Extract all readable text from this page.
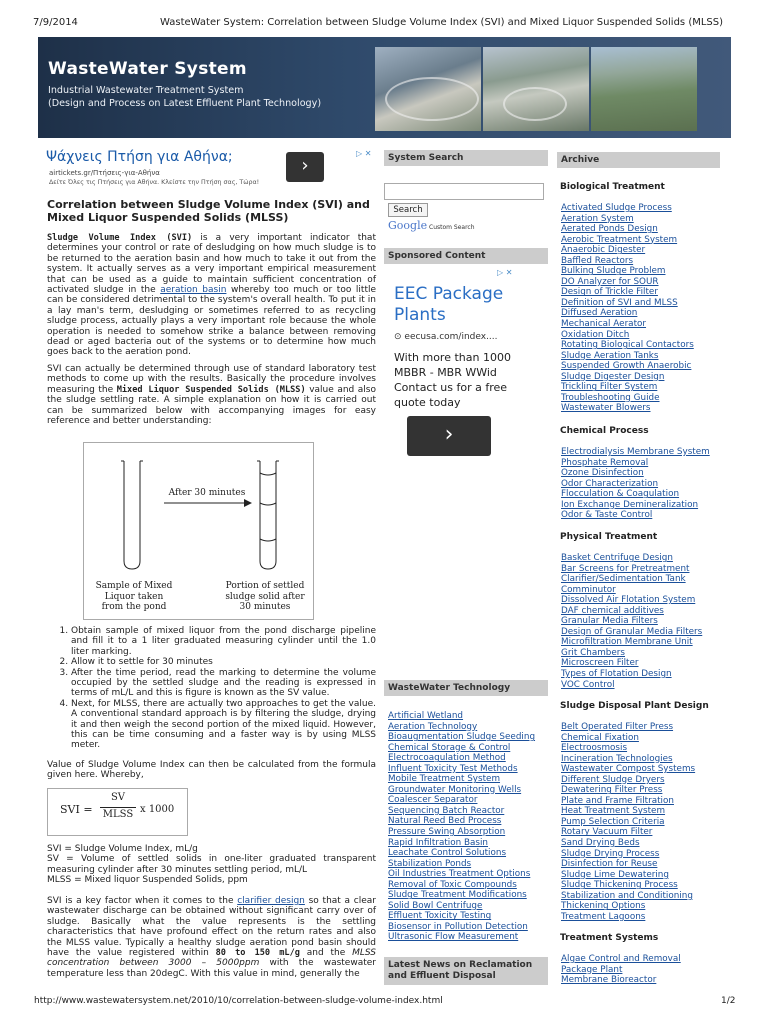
7/9/2014	WasteWater System: Correlation between Sludge Volume Index (SVI) and Mixed Liquor Suspended Solids (MLSS)
WasteWater System
Industrial Wastewater Treatment System
(Design and Process on Latest Effluent Plant Technology)
Ψάχνεις Πτήση για Αθήνα;
airtickets.gr/Πτήσεις-για-Αθήνα
Δείτε Όλες τις Πτήσεις για Αθήνα. Κλείστε την Πτήση σας, Τώρα!
›
▷ ✕
Correlation between Sludge Volume Index (SVI) and Mixed Liquor Suspended Solids (MLSS)

Sludge Volume Index (SVI) is a very important indicator that determines your control or rate of desludging on how much sludge is to be returned to the aeration basin and how much to take it out from the system. It actually serves as a very important empirical measurement that can be used as a guide to maintain sufficient concentration of activated sludge in the aeration basin whereby too much or too little can be considered detrimental to the system's overall health. To put it in a lay man's term, desludging or sometimes referred to as recycling sludge process, actually plays a very important role because the whole operation is needed to somehow strike a balance between removing dead or aged bacteria out of the systems or to determine how much goes back to the aeration pond.

SVI can actually be determined through use of standard laboratory test methods to come up with the results. Basically the procedure involves measuring the Mixed Liquor Suspended Solids (MLSS) value and also the sludge settling rate. A simple explanation on how it is carried out can be summarized below with accompanying images for easy reference and better understanding:

After 30 minutes
Sample of Mixed Liquor taken from the pond
Portion of settled sludge solid after 30 minutes
1. Obtain sample of mixed liquor from the pond discharge pipeline and fill it to a 1 liter graduated measuring cylinder until the 1.0 liter marking.
2. Allow it to settle for 30 minutes
3. After the time period, read the marking to determine the volume occupied by the settled sludge and the reading is expressed in terms of mL/L and this is figure is known as the SV value.
4. Next, for MLSS, there are actually two approaches to get the value. A conventional standard approach is by filtering the sludge, drying it and then weigh the second portion of the mixed liquid. However, this can be time consuming and a faster way is by using MLSS meter.

Value of Sludge Volume Index can then be calculated from the formula given here. Whereby,

SVI =
SV
MLSS x 1000
SVI = Sludge Volume Index, mL/g
SV = Volume of settled solids in one-liter graduated transparent measuring cylinder after 30 minutes settling period, mL/L
MLSS = Mixed liquor Suspended Solids, ppm

SVI is a key factor when it comes to the clarifier design so that a clear wastewater discharge can be obtained without significant carry over of sludge. Basically what the value represents is the settling characteristics that have profound effect on the return rates and also the MLSS value. Typically a healthy sludge aeration pond basin should have the value registered within 80 to 150 mL/g and the MLSS concentration between 3000 – 5000ppm with the wastewater temperature less than 20degC. With this value in mind, generally the

System Search
Search
Google Custom Search
Sponsored Content
▷ ✕
EEC Package Plants
⊙ eecusa.com/index....
With more than 1000 MBBR - MBR WWid Contact us for a free quote today
›
WasteWater Technology
Artificial Wetland
Aeration Technology
Bioaugmentation Sludge Seeding
Chemical Storage & Control
Electrocoagulation Method
Influent Toxicity Test Methods
Mobile Treatment System
Groundwater Monitoring Wells
Coalescer Separator
Sequencing Batch Reactor
Natural Reed Bed Process
Pressure Swing Absorption
Rapid Infiltration Basin
Leachate Control Solutions
Stabilization Ponds
Oil Industries Treatment Options
Removal of Toxic Compounds
Sludge Treatment Modifications
Solid Bowl Centrifuge
Effluent Toxicity Testing
Biosensor in Pollution Detection
Ultrasonic Flow Measurement
Latest News on Reclamation and Effluent Disposal
Archive
Biological Treatment
Activated Sludge Process
Aeration System
Aerated Ponds Design
Aerobic Treatment System
Anaerobic Digester
Baffled Reactors
Bulking Sludge Problem
DO Analyzer for SOUR
Design of Trickle Filter
Definition of SVI and MLSS
Diffused Aeration
Mechanical Aerator
Oxidation Ditch
Rotating Biological Contactors
Sludge Aeration Tanks
Suspended Growth Anaerobic
Sludge Digester Design
Trickling Filter System
Troubleshooting Guide
Wastewater Blowers
Chemical Process
Electrodialysis Membrane System
Phosphate Removal
Ozone Disinfection
Odor Characterization
Flocculation & Coagulation
Ion Exchange Demineralization
Odor & Taste Control
Physical Treatment
Basket Centrifuge Design
Bar Screens for Pretreatment
Clarifier/Sedimentation Tank
Comminutor
Dissolved Air Flotation System
DAF chemical additives
Granular Media Filters
Design of Granular Media Filters
Microfiltration Membrane Unit
Grit Chambers
Microscreen Filter
Types of Flotation Design
VOC Control
Sludge Disposal Plant Design
Belt Operated Filter Press
Chemical Fixation
Electroosmosis
Incineration Technologies
Wastewater Compost Systems
Different Sludge Dryers
Dewatering Filter Press
Plate and Frame Filtration
Heat Treatment System
Pump Selection Criteria
Rotary Vacuum Filter
Sand Drying Beds
Sludge Drying Process
Disinfection for Reuse
Sludge Lime Dewatering
Sludge Thickening Process
Stabilization and Conditioning
Thickening Options
Treatment Lagoons
Treatment Systems
Algae Control and Removal
Package Plant
Membrane Bioreactor
http://www.wastewatersystem.net/2010/10/correlation-between-sludge-volume-index.html	1/2
